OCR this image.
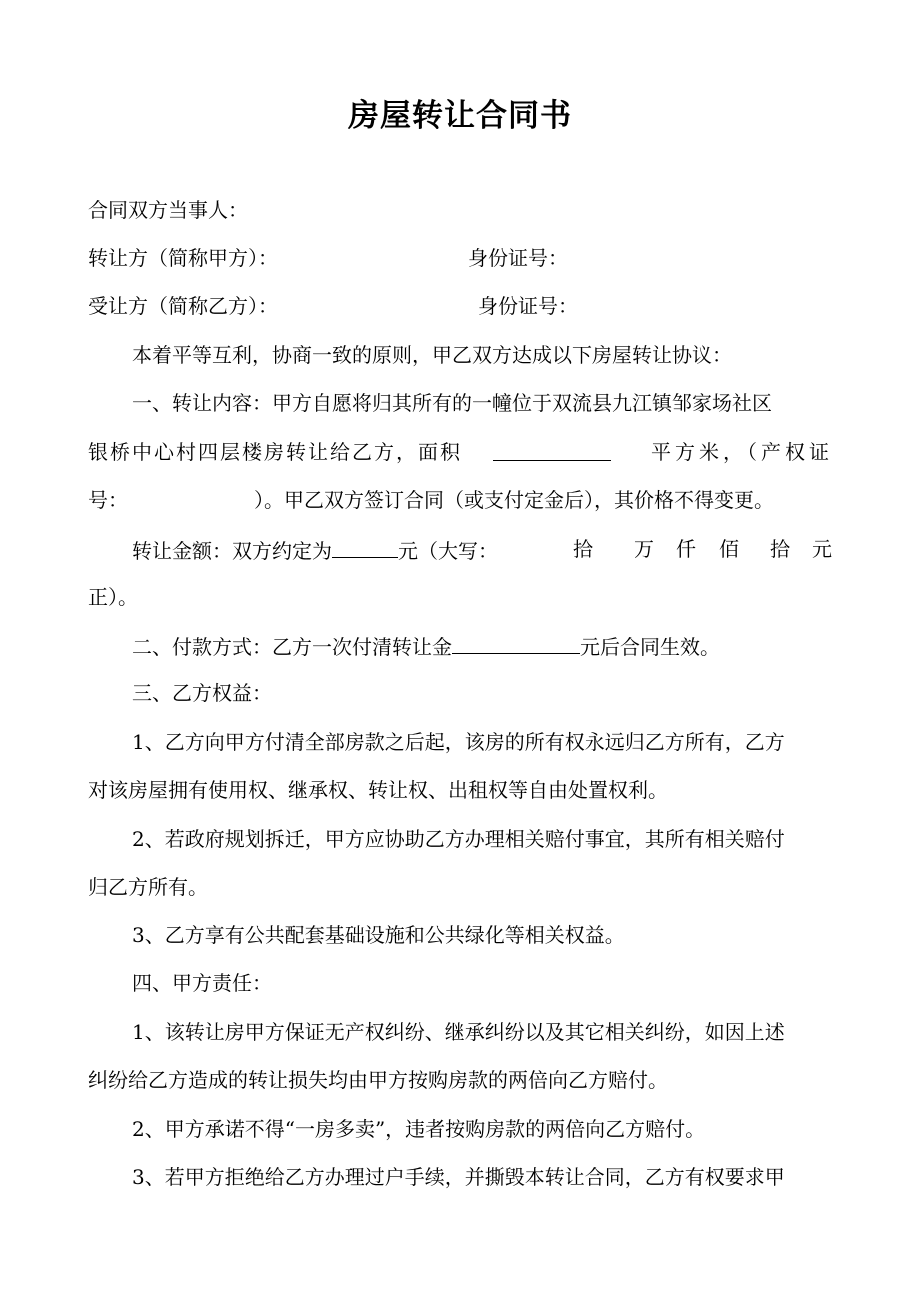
房屋转让合同书
合同双方当事人：
转让方（简称甲方）：	身份证号：
受让方（简称乙方）：	身份证号：
本着平等互利，协商一致的原则，甲乙双方达成以下房屋转让协议：
一、转让内容：甲方自愿将归其所有的一幢位于双流县九江镇邹家场社区
银桥中心村四层楼房转让给乙方，面积	平方米，（产权证
号：	）。甲乙双方签订合同（或支付定金后），其价格不得变更。
转让金额：双方约定为	元（大写：	拾 万 仟 佰 拾 元
正）。
二、付款方式：乙方一次付清转让金	元后合同生效。
三、乙方权益：
1、乙方向甲方付清全部房款之后起，该房的所有权永远归乙方所有，乙方
对该房屋拥有使用权、继承权、转让权、出租权等自由处置权利。
2、若政府规划拆迁，甲方应协助乙方办理相关赔付事宜，其所有相关赔付
归乙方所有。
3、乙方享有公共配套基础设施和公共绿化等相关权益。
四、甲方责任：
1、该转让房甲方保证无产权纠纷、继承纠纷以及其它相关纠纷，如因上述
纠纷给乙方造成的转让损失均由甲方按购房款的两倍向乙方赔付。
2、甲方承诺不得“一房多卖”，违者按购房款的两倍向乙方赔付。
3、若甲方拒绝给乙方办理过户手续，并撕毁本转让合同，乙方有权要求甲
